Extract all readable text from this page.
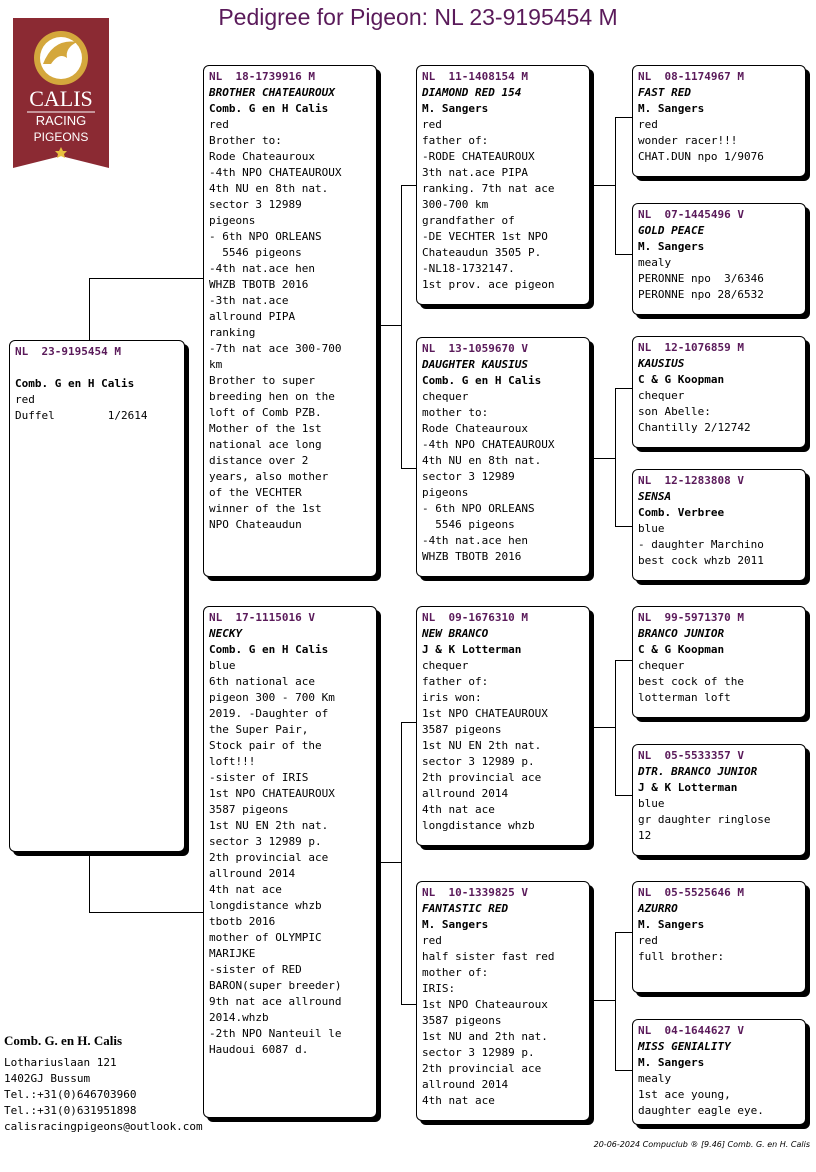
Pedigree for Pigeon: NL 23-9195454 M
CALIS
RACING
PIGEONS
NL  23-9195454 M

Comb. G en H Calis
red
Duffel        1/2614
NL  18-1739916 M
BROTHER CHATEAUROUX
Comb. G en H Calis
red
Brother to:
Rode Chateauroux
-4th NPO CHATEAUROUX
4th NU en 8th nat.
sector 3 12989
pigeons
- 6th NPO ORLEANS
5546 pigeons
-4th nat.ace hen
WHZB TBOTB 2016
-3th nat.ace
allround PIPA
ranking
-7th nat ace 300-700
km
Brother to super
breeding hen on the
loft of Comb PZB.
Mother of the 1st
national ace long
distance over 2
years, also mother
of the VECHTER
winner of the 1st
NPO Chateaudun
NL  17-1115016 V
NECKY
Comb. G en H Calis
blue
6th national ace
pigeon 300 - 700 Km
2019. -Daughter of
the Super Pair,
Stock pair of the
loft!!!
-sister of IRIS
1st NPO CHATEAUROUX
3587 pigeons
1st NU EN 2th nat.
sector 3 12989 p.
2th provincial ace
allround 2014
4th nat ace
longdistance whzb
tbotb 2016
mother of OLYMPIC
MARIJKE
-sister of RED
BARON(super breeder)
9th nat ace allround
2014.whzb
-2th NPO Nanteuil le
Haudoui 6087 d.
NL  11-1408154 M
DIAMOND RED 154
M. Sangers
red
father of:
-RODE CHATEAUROUX
3th nat.ace PIPA
ranking. 7th nat ace
300-700 km
grandfather of
-DE VECHTER 1st NPO
Chateaudun 3505 P.
-NL18-1732147.
1st prov. ace pigeon
NL  13-1059670 V
DAUGHTER KAUSIUS
Comb. G en H Calis
chequer
mother to:
Rode Chateauroux
-4th NPO CHATEAUROUX
4th NU en 8th nat.
sector 3 12989
pigeons
- 6th NPO ORLEANS
5546 pigeons
-4th nat.ace hen
WHZB TBOTB 2016
NL  09-1676310 M
NEW BRANCO
J & K Lotterman
chequer
father of:
iris won:
1st NPO CHATEAUROUX
3587 pigeons
1st NU EN 2th nat.
sector 3 12989 p.
2th provincial ace
allround 2014
4th nat ace
longdistance whzb
NL  10-1339825 V
FANTASTIC RED
M. Sangers
red
half sister fast red
mother of:
IRIS:
1st NPO Chateauroux
3587 pigeons
1st NU and 2th nat.
sector 3 12989 p.
2th provincial ace
allround 2014
4th nat ace
NL  08-1174967 M
FAST RED
M. Sangers
red
wonder racer!!!
CHAT.DUN npo 1/9076
NL  07-1445496 V
GOLD PEACE
M. Sangers
mealy
PERONNE npo  3/6346
PERONNE npo 28/6532
NL  12-1076859 M
KAUSIUS
C & G Koopman
chequer
son Abelle:
Chantilly 2/12742
NL  12-1283808 V
SENSA
Comb. Verbree
blue
- daughter Marchino
best cock whzb 2011
NL  99-5971370 M
BRANCO JUNIOR
C & G Koopman
chequer
best cock of the
lotterman loft
NL  05-5533357 V
DTR. BRANCO JUNIOR
J & K Lotterman
blue
gr daughter ringlose
12
NL  05-5525646 M
AZURRO
M. Sangers
red
full brother:
NL  04-1644627 V
MISS GENIALITY
M. Sangers
mealy
1st ace young,
daughter eagle eye.
Comb. G. en H. Calis
Lothariuslaan 121
1402GJ Bussum
Tel.:+31(0)646703960
Tel.:+31(0)631951898
calisracingpigeons@outlook.com
20-06-2024 Compuclub ® [9.46] Comb. G. en H. Calis
